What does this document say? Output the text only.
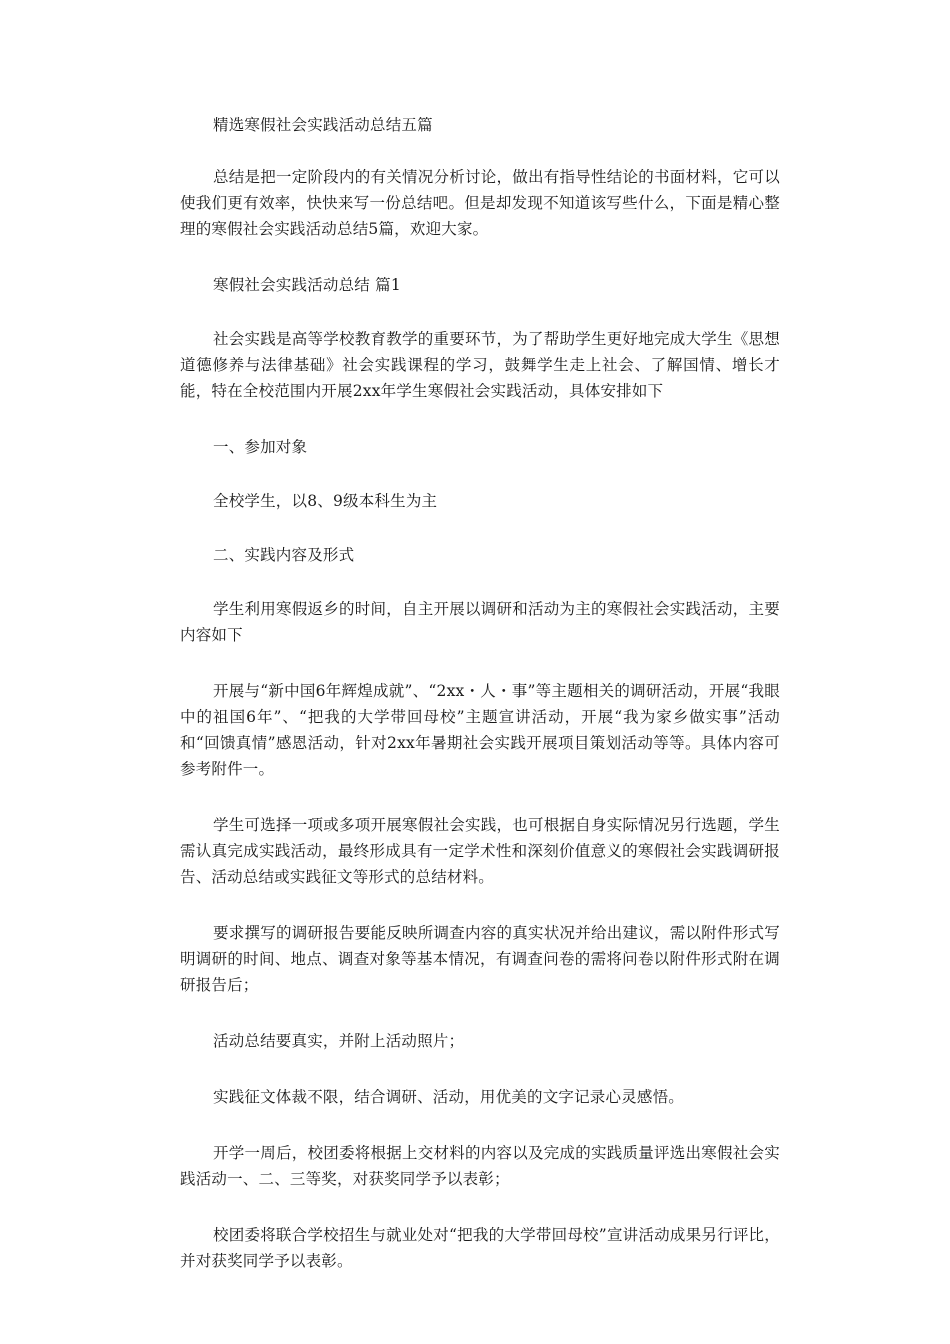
精选寒假社会实践活动总结五篇

总结是把一定阶段内的有关情况分析讨论，做出有指导性结论的书面材料，它可以使我们更有效率，快快来写一份总结吧。但是却发现不知道该写些什么，下面是精心整理的寒假社会实践活动总结5篇，欢迎大家。

寒假社会实践活动总结 篇1

社会实践是高等学校教育教学的重要环节，为了帮助学生更好地完成大学生《思想道德修养与法律基础》社会实践课程的学习，鼓舞学生走上社会、了解国情、增长才能，特在全校范围内开展2xx年学生寒假社会实践活动，具体安排如下

一、参加对象

全校学生，以8、9级本科生为主

二、实践内容及形式

学生利用寒假返乡的时间，自主开展以调研和活动为主的寒假社会实践活动，主要内容如下

开展与“新中国6年辉煌成就”、“2xx・人・事”等主题相关的调研活动，开展“我眼中的祖国6年”、“把我的大学带回母校”主题宣讲活动，开展“我为家乡做实事”活动和“回馈真情”感恩活动，针对2xx年暑期社会实践开展项目策划活动等等。具体内容可参考附件一。

学生可选择一项或多项开展寒假社会实践，也可根据自身实际情况另行选题，学生需认真完成实践活动，最终形成具有一定学术性和深刻价值意义的寒假社会实践调研报告、活动总结或实践征文等形式的总结材料。

要求撰写的调研报告要能反映所调查内容的真实状况并给出建议，需以附件形式写明调研的时间、地点、调查对象等基本情况，有调查问卷的需将问卷以附件形式附在调研报告后；

活动总结要真实，并附上活动照片；

实践征文体裁不限，结合调研、活动，用优美的文字记录心灵感悟。

开学一周后，校团委将根据上交材料的内容以及完成的实践质量评选出寒假社会实践活动一、二、三等奖，对获奖同学予以表彰；

校团委将联合学校招生与就业处对“把我的大学带回母校”宣讲活动成果另行评比，并对获奖同学予以表彰。
